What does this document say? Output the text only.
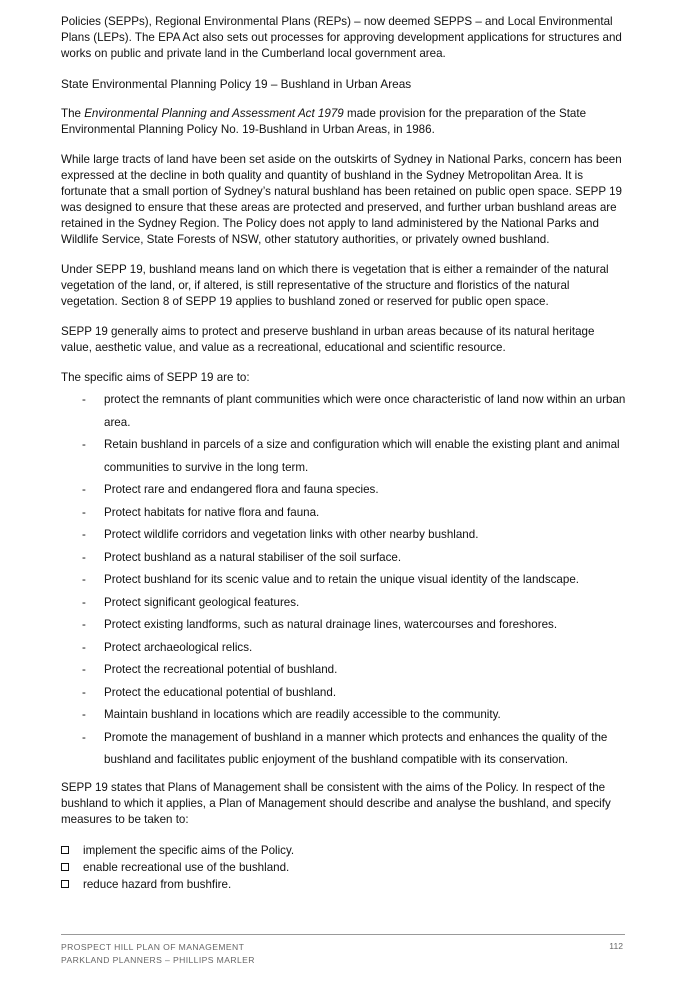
Policies (SEPPs), Regional Environmental Plans (REPs) – now deemed SEPPS – and Local Environmental Plans (LEPs). The EPA Act also sets out processes for approving development applications for structures and works on public and private land in the Cumberland local government area.

State Environmental Planning Policy 19 – Bushland in Urban Areas

The Environmental Planning and Assessment Act 1979 made provision for the preparation of the State Environmental Planning Policy No. 19-Bushland in Urban Areas, in 1986.

While large tracts of land have been set aside on the outskirts of Sydney in National Parks, concern has been expressed at the decline in both quality and quantity of bushland in the Sydney Metropolitan Area. It is fortunate that a small portion of Sydney’s natural bushland has been retained on public open space. SEPP 19 was designed to ensure that these areas are protected and preserved, and further urban bushland areas are retained in the Sydney Region. The Policy does not apply to land administered by the National Parks and Wildlife Service, State Forests of NSW, other statutory authorities, or privately owned bushland.

Under SEPP 19, bushland means land on which there is vegetation that is either a remainder of the natural vegetation of the land, or, if altered, is still representative of the structure and floristics of the natural vegetation. Section 8 of SEPP 19 applies to bushland zoned or reserved for public open space.

SEPP 19 generally aims to protect and preserve bushland in urban areas because of its natural heritage value, aesthetic value, and value as a recreational, educational and scientific resource.

The specific aims of SEPP 19 are to:

- protect the remnants of plant communities which were once characteristic of land now within an urban area.
- Retain bushland in parcels of a size and configuration which will enable the existing plant and animal communities to survive in the long term.
- Protect rare and endangered flora and fauna species.
- Protect habitats for native flora and fauna.
- Protect wildlife corridors and vegetation links with other nearby bushland.
- Protect bushland as a natural stabiliser of the soil surface.
- Protect bushland for its scenic value and to retain the unique visual identity of the landscape.
- Protect significant geological features.
- Protect existing landforms, such as natural drainage lines, watercourses and foreshores.
- Protect archaeological relics.
- Protect the recreational potential of bushland.
- Protect the educational potential of bushland.
- Maintain bushland in locations which are readily accessible to the community.
- Promote the management of bushland in a manner which protects and enhances the quality of the bushland and facilitates public enjoyment of the bushland compatible with its conservation.

SEPP 19 states that Plans of Management shall be consistent with the aims of the Policy. In respect of the bushland to which it applies, a Plan of Management should describe and analyse the bushland, and specify measures to be taken to:

implement the specific aims of the Policy.
enable recreational use of the bushland.
reduce hazard from bushfire.
PROSPECT HILL PLAN OF MANAGEMENT
PARKLAND PLANNERS – PHILLIPS MARLER
112
